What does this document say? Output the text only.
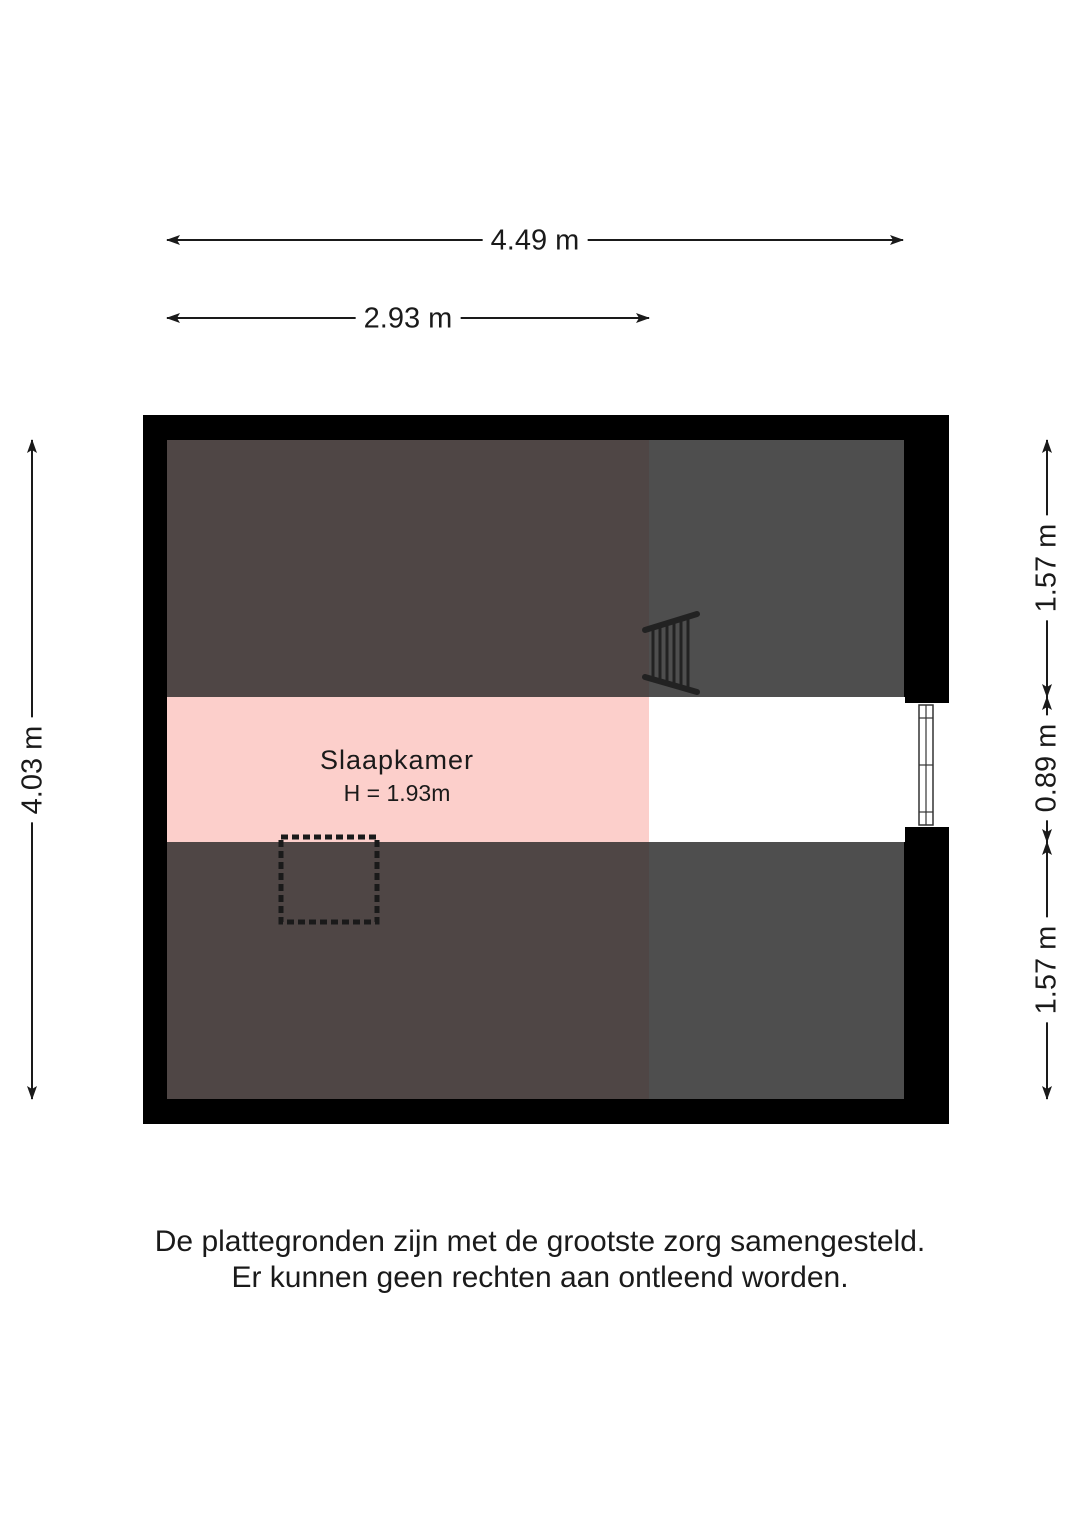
4.49 m
2.93 m
4.03 m
1.57 m
0.89 m
1.57 m
Slaapkamer
H = 1.93m
De plattegronden zijn met de grootste zorg samengesteld.
Er kunnen geen rechten aan ontleend worden.
